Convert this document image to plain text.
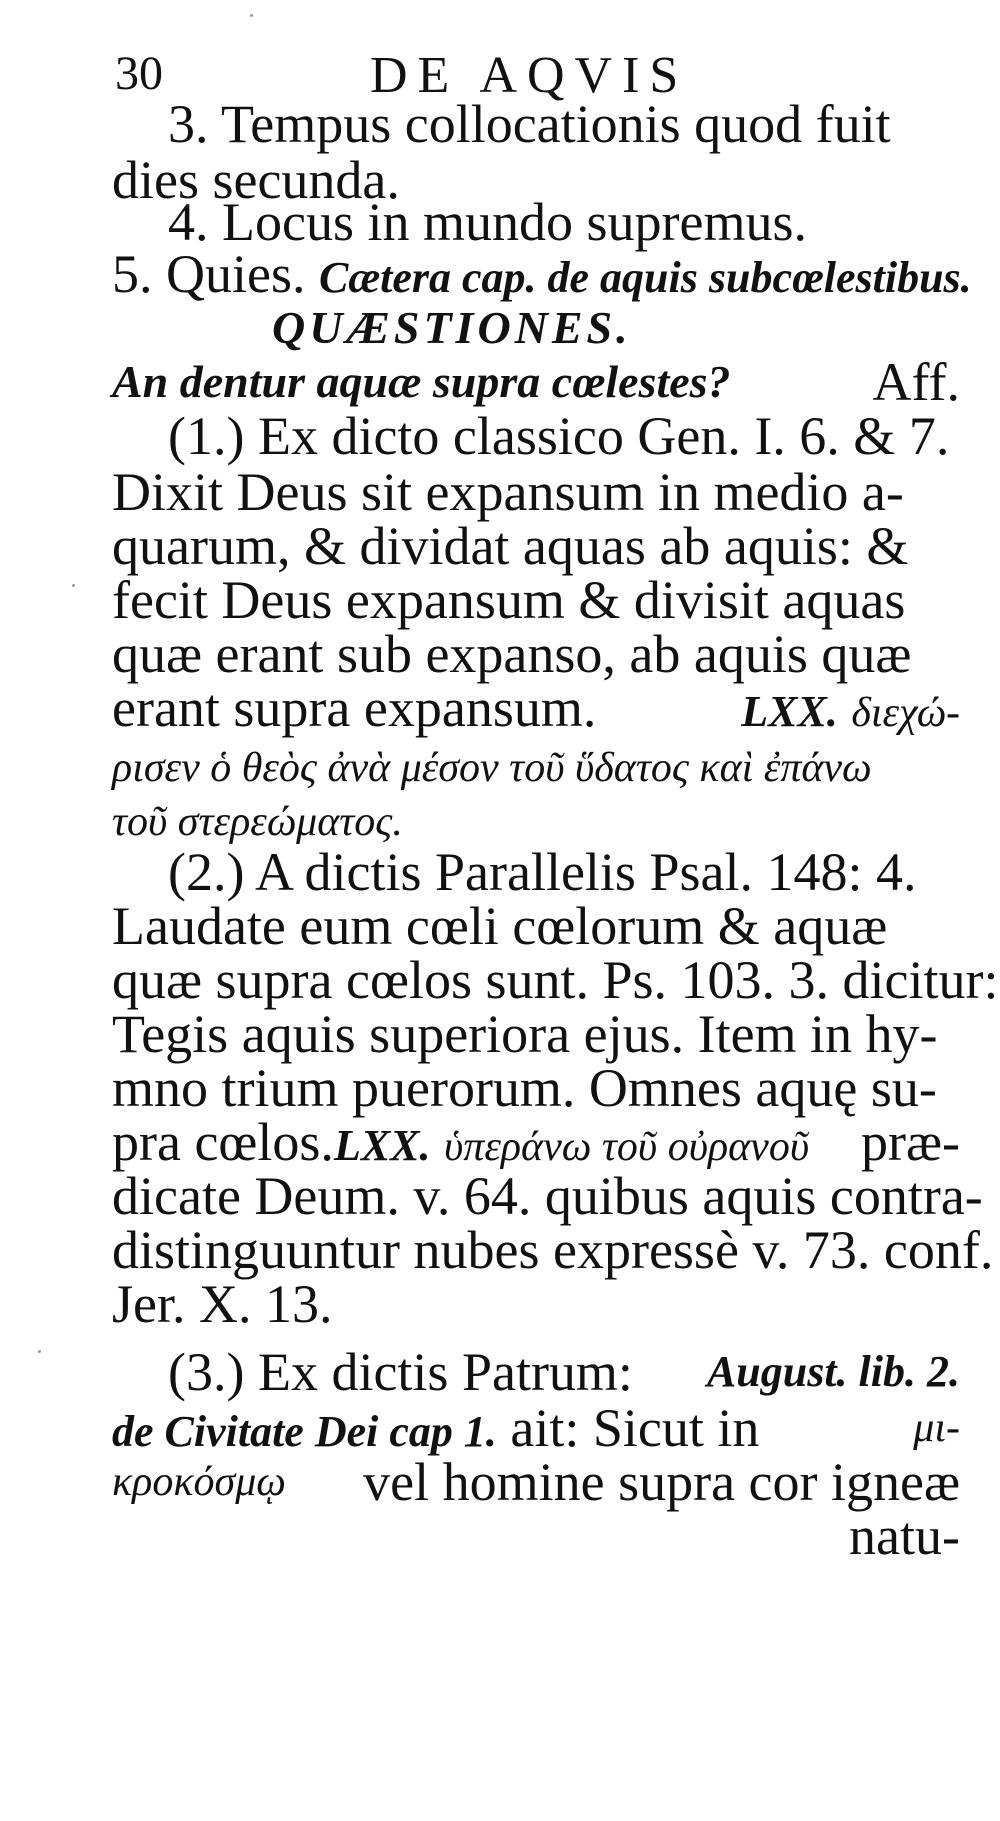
30	DE AQVIS
3. Tempus collocationis quod fuit
dies secunda.
4. Locus in mundo supremus.
5. Quies. Cætera cap. de aquis subcœlestibus.
QUÆSTIONES.
An dentur aquæ supra cœlestes?	Aff.
(1.) Ex dicto classico Gen. I. 6. & 7.
Dixit Deus sit expansum in medio a-
quarum, & dividat aquas ab aquis: &
fecit Deus expansum & divisit aquas
quæ erant sub expanso, ab aquis quæ
erant supra expansum.	LXX. διεχώ-
ρισεν ὁ θεὸς ἀνὰ μέσον τοῦ ὕδατος καὶ ἐπάνω
τοῦ στερεώματος.
(2.) A dictis Parallelis Psal. 148: 4.
Laudate eum cœli cœlorum & aquæ
quæ supra cœlos sunt. Ps. 103. 3. dicitur:
Tegis aquis superiora ejus. Item in hy-
mno trium puerorum. Omnes aquę su-
pra cœlos.LXX. ὑπεράνω τοῦ οὐρανοῦ præ-
dicate Deum. v. 64. quibus aquis contra-
distinguuntur nubes expressè v. 73. conf.
Jer. X. 13.
(3.) Ex dictis Patrum: August. lib. 2.
de Civitate Dei cap 1. ait: Sicut in	μι-
κροκόσμῳ vel homine supra cor igneæ
natu-
